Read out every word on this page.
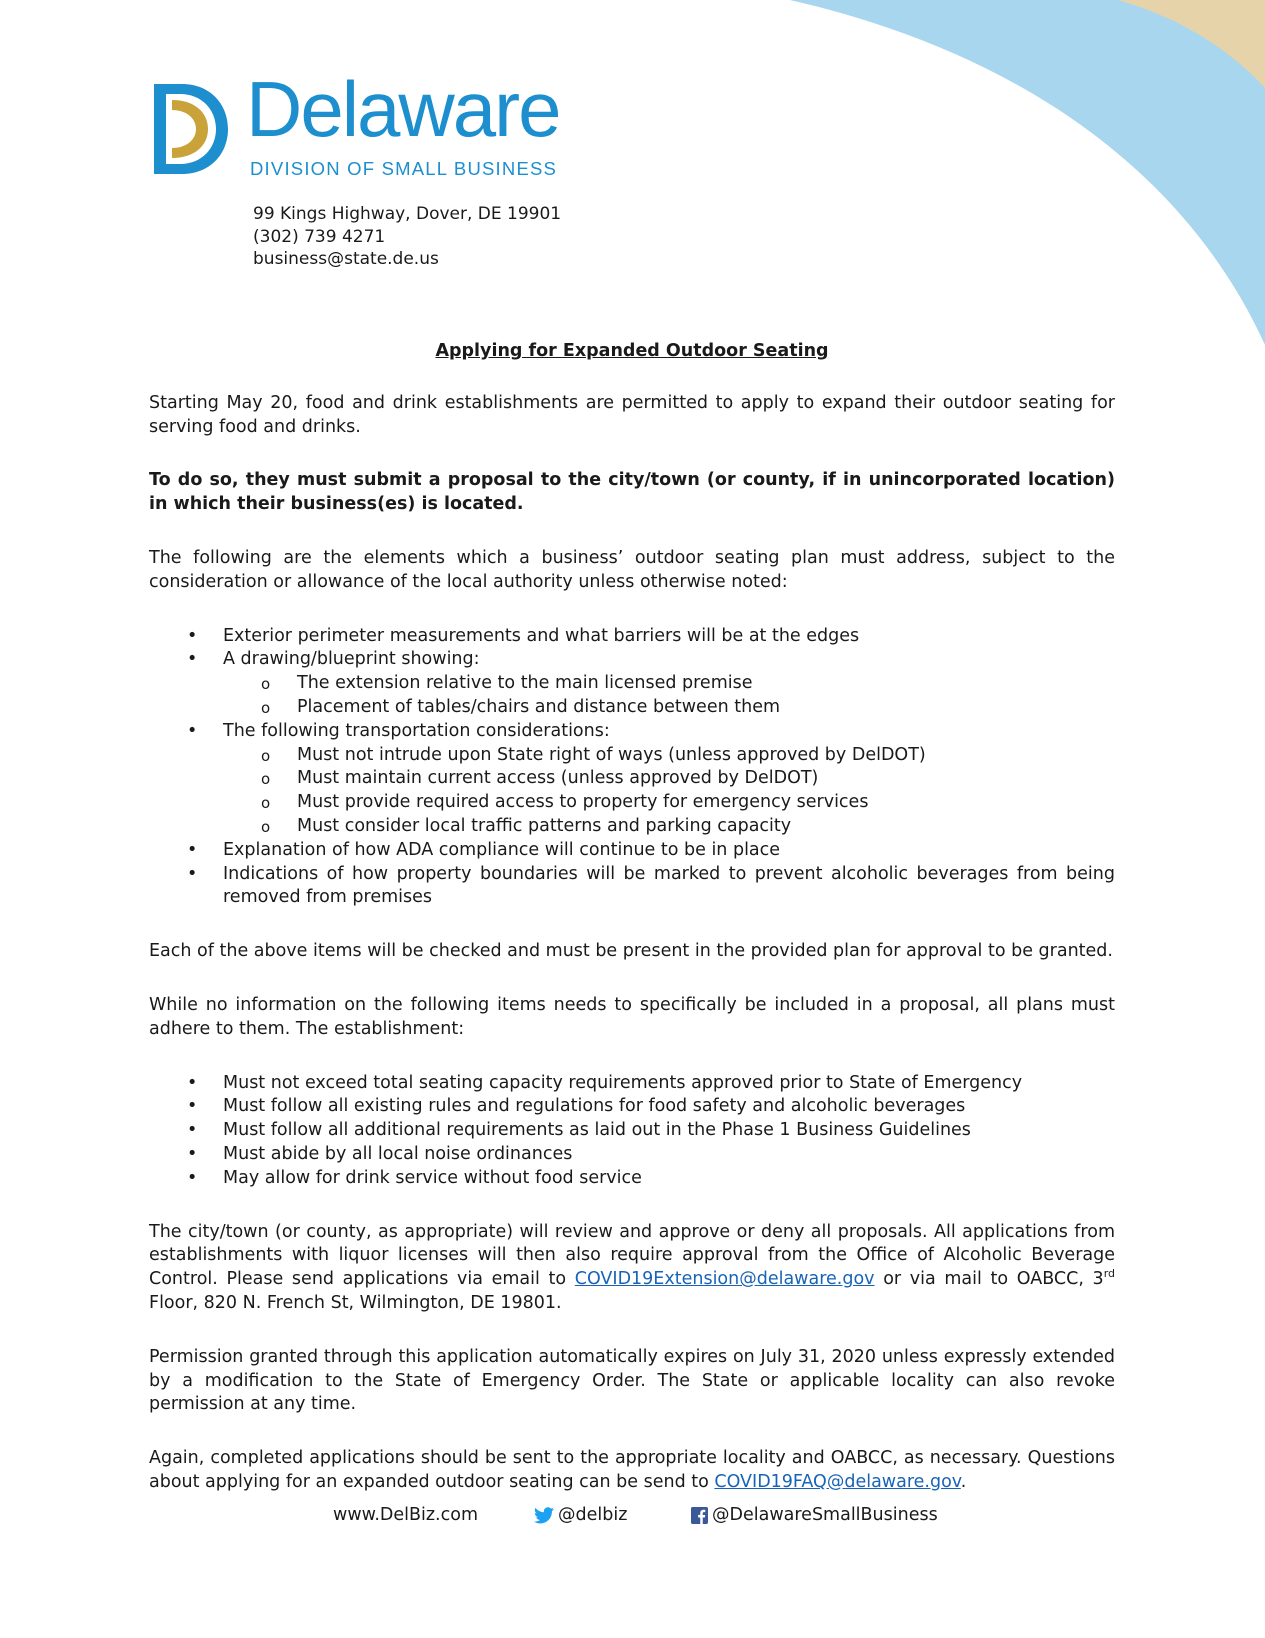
Delaware
DIVISION OF SMALL BUSINESS
99 Kings Highway, Dover, DE 19901
(302) 739 4271
business@state.de.us
Applying for Expanded Outdoor Seating

Starting May 20, food and drink establishments are permitted to apply to expand their outdoor seating for serving food and drinks.

To do so, they must submit a proposal to the city/town (or county, if in unincorporated location) in which their business(es) is located.

The following are the elements which a business’ outdoor seating plan must address, subject to the consideration or allowance of the local authority unless otherwise noted:

• Exterior perimeter measurements and what barriers will be at the edges
• A drawing/blueprint showing:
o The extension relative to the main licensed premise
o Placement of tables/chairs and distance between them
• The following transportation considerations:
o Must not intrude upon State right of ways (unless approved by DelDOT)
o Must maintain current access (unless approved by DelDOT)
o Must provide required access to property for emergency services
o Must consider local traffic patterns and parking capacity
• Explanation of how ADA compliance will continue to be in place
• Indications of how property boundaries will be marked to prevent alcoholic beverages from being removed from premises

Each of the above items will be checked and must be present in the provided plan for approval to be granted.

While no information on the following items needs to specifically be included in a proposal, all plans must adhere to them. The establishment:

• Must not exceed total seating capacity requirements approved prior to State of Emergency
• Must follow all existing rules and regulations for food safety and alcoholic beverages
• Must follow all additional requirements as laid out in the Phase 1 Business Guidelines
• Must abide by all local noise ordinances
• May allow for drink service without food service

The city/town (or county, as appropriate) will review and approve or deny all proposals. All applications from establishments with liquor licenses will then also require approval from the Office of Alcoholic Beverage Control. Please send applications via email to COVID19Extension@delaware.gov or via mail to OABCC, 3rd Floor, 820 N. French St, Wilmington, DE 19801.

Permission granted through this application automatically expires on July 31, 2020 unless expressly extended by a modification to the State of Emergency Order. The State or applicable locality can also revoke permission at any time.

Again, completed applications should be sent to the appropriate locality and OABCC, as necessary. Questions about applying for an expanded outdoor seating can be send to COVID19FAQ@delaware.gov.

www.DelBiz.com	@delbiz	@DelawareSmallBusiness
